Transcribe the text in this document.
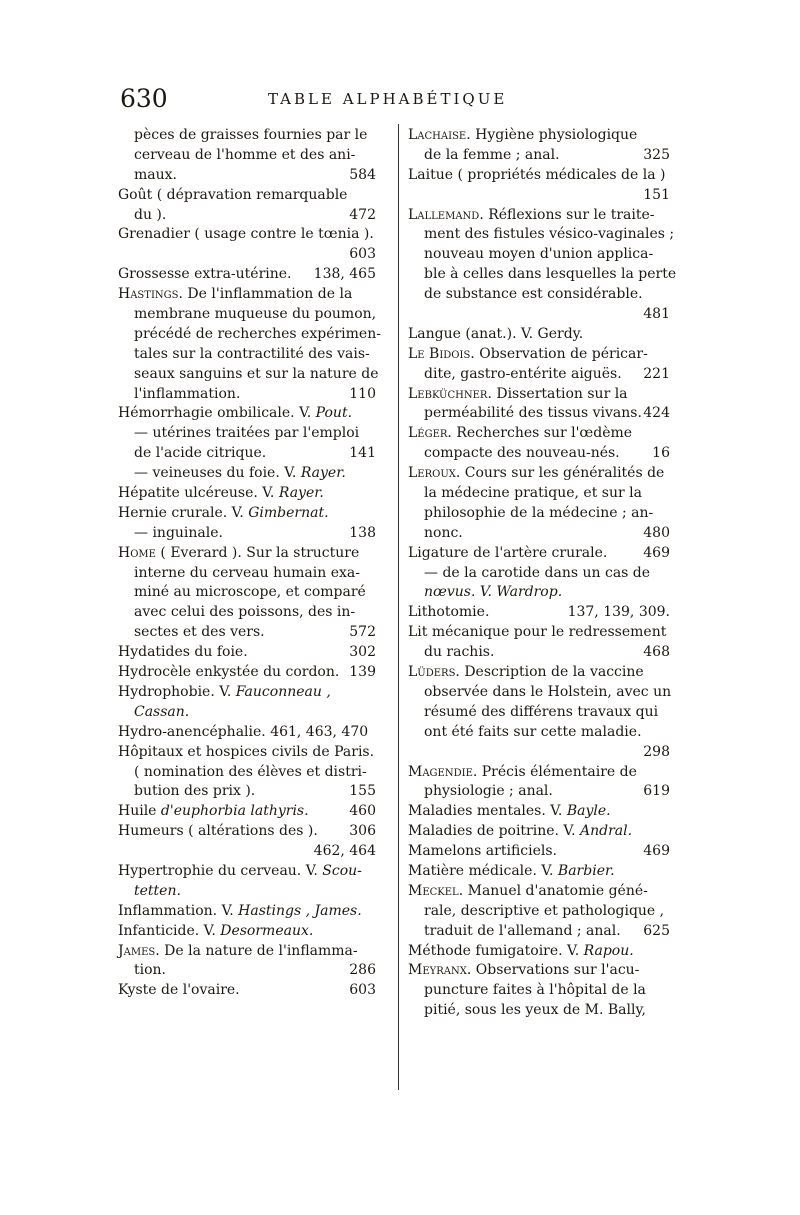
630	TABLE ALPHABÉTIQUE
pèces de graisses fournies par le
cerveau de l'homme et des ani-
maux.	584
Goût ( dépravation remarquable
du ).	472
Grenadier ( usage contre le tœnia ).
603
Grossesse extra-utérine. 138, 465
Hastings. De l'inflammation de la
membrane muqueuse du poumon,
précédé de recherches expérimen-
tales sur la contractilité des vais-
seaux sanguins et sur la nature de
l'inflammation.	110
Hémorrhagie ombilicale. V. Pout.
— utérines traitées par l'emploi
de l'acide citrique.	141
— veineuses du foie. V. Rayer.
Hépatite ulcéreuse. V. Rayer.
Hernie crurale. V. Gimbernat.
— inguinale.	138
Home ( Everard ). Sur la structure
interne du cerveau humain exa-
miné au microscope, et comparé
avec celui des poissons, des in-
sectes et des vers.	572
Hydatides du foie.	302
Hydrocèle enkystée du cordon. 139
Hydrophobie. V. Fauconneau ,
Cassan.
Hydro-anencéphalie. 461, 463, 470
Hôpitaux et hospices civils de Paris.
( nomination des élèves et distri-
bution des prix ).	155
Huile d'euphorbia lathyris.	460
Humeurs ( altérations des ). 306
462, 464
Hypertrophie du cerveau. V. Scou-
tetten.
Inflammation. V. Hastings , James.
Infanticide. V. Desormeaux.
James. De la nature de l'inflamma-
tion.	286
Kyste de l'ovaire.	603
Lachaise. Hygiène physiologique
de la femme ; anal.	325
Laitue ( propriétés médicales de la )
151
Lallemand. Réflexions sur le traite-
ment des fistules vésico-vaginales ;
nouveau moyen d'union applica-
ble à celles dans lesquelles la perte
de substance est considérable.
481
Langue (anat.). V. Gerdy.
Le Bidois. Observation de péricar-
dite, gastro-entérite aiguës. 221
Lebküchner. Dissertation sur la
perméabilité des tissus vivans. 424
Léger. Recherches sur l'œdème
compacte des nouveau-nés. 16
Leroux. Cours sur les généralités de
la médecine pratique, et sur la
philosophie de la médecine ; an-
nonc.	480
Ligature de l'artère crurale.	469
— de la carotide dans un cas de
nœvus. V. Wardrop.
Lithotomie.	137, 139, 309.
Lit mécanique pour le redressement
du rachis.	468
Lüders. Description de la vaccine
observée dans le Holstein, avec un
résumé des différens travaux qui
ont été faits sur cette maladie.
298
Magendie. Précis élémentaire de
physiologie ; anal.	619
Maladies mentales. V. Bayle.
Maladies de poitrine. V. Andral.
Mamelons artificiels.	469
Matière médicale. V. Barbier.
Meckel. Manuel d'anatomie géné-
rale, descriptive et pathologique ,
traduit de l'allemand ; anal. 625
Méthode fumigatoire. V. Rapou.
Meyranx. Observations sur l'acu-
puncture faites à l'hôpital de la
pitié, sous les yeux de M. Bally,
